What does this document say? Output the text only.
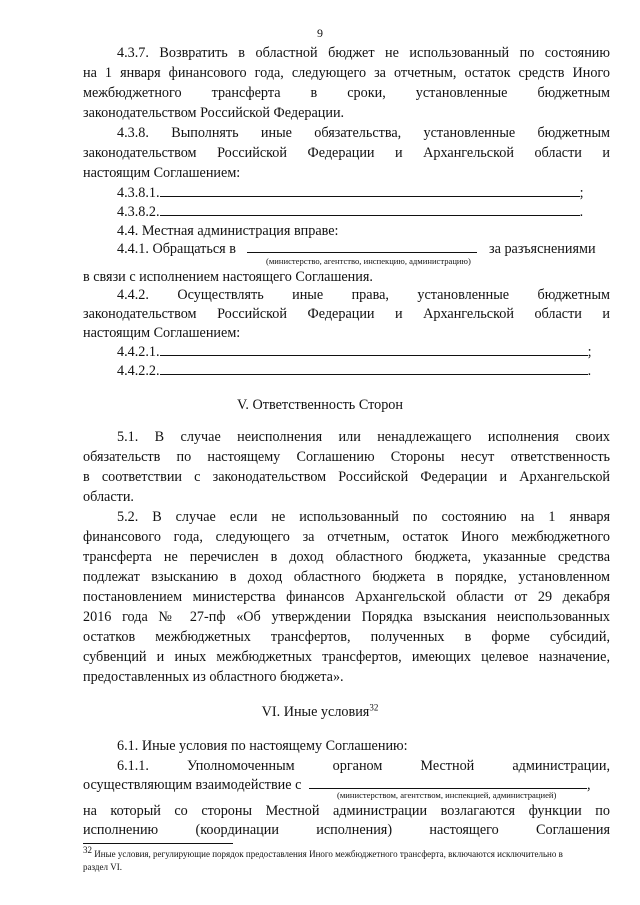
9
4.3.7. Возвратить в областной бюджет не использованный по состоянию
на 1 января финансового года, следующего за отчетным, остаток средств Иного
межбюджетного трансферта в сроки, установленные бюджетным
законодательством Российской Федерации.
4.3.8. Выполнять иные обязательства, установленные бюджетным
законодательством Российской Федерации и Архангельской области и
настоящим Соглашением:
4.3.8.1.	;
4.3.8.2.	.
4.4. Местная администрация вправе:
4.4.1. Обращаться в	за разъяснениями
(министерство, агентство, инспекцию, администрацию)
в связи с исполнением настоящего Соглашения.
4.4.2. Осуществлять иные права, установленные бюджетным
законодательством Российской Федерации и Архангельской области и
настоящим Соглашением:
4.4.2.1.	;
4.4.2.2.	.
V. Ответственность Сторон
5.1. В случае неисполнения или ненадлежащего исполнения своих
обязательств по настоящему Соглашению Стороны несут ответственность
в соответствии с законодательством Российской Федерации и Архангельской
области.
5.2. В случае если не использованный по состоянию на 1 января
финансового года, следующего за отчетным, остаток Иного межбюджетного
трансферта не перечислен в доход областного бюджета, указанные средства
подлежат взысканию в доход областного бюджета в порядке, установленном
постановлением министерства финансов Архангельской области от 29 декабря
2016 года № 27-пф «Об утверждении Порядка взыскания неиспользованных
остатков межбюджетных трансфертов, полученных в форме субсидий,
субвенций и иных межбюджетных трансфертов, имеющих целевое назначение,
предоставленных из областного бюджета».
VI. Иные условия$^{32}$
6.1. Иные условия по настоящему Соглашению:
6.1.1. Уполномоченным органом Местной администрации,
осуществляющим взаимодействие с	,
(министерством, агентством, инспекцией, администрацией)
на который со стороны Местной администрации возлагаются функции по
исполнению (координации исполнения) настоящего Соглашения
$^{32}$ Иные условия, регулирующие порядок предоставления Иного межбюджетного трансферта, включаются исключительно в
раздел VI.
